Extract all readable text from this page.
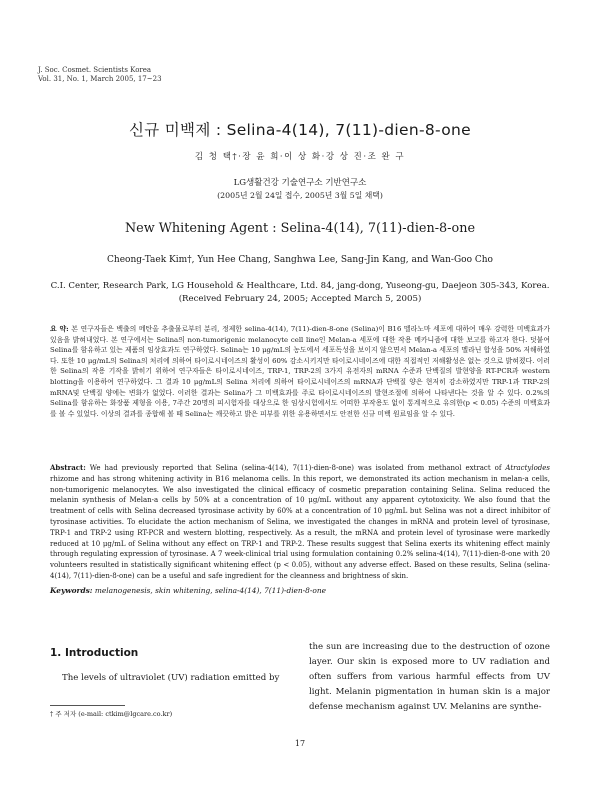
J. Soc. Cosmet. Scientists Korea
Vol. 31, No. 1, March 2005, 17~23
신규 미백제 : Selina-4(14), 7(11)-dien-8-one
김 청 택†·장 윤 희·이 상 화·강 상 진·조 완 구
LG생활건강 기술연구소 기반연구소
(2005년 2월 24일 접수, 2005년 3월 5일 채택)
New Whitening Agent : Selina-4(14), 7(11)-dien-8-one
Cheong-Taek Kim†, Yun Hee Chang, Sanghwa Lee, Sang-Jin Kang, and Wan-Goo Cho
C.I. Center, Research Park, LG Household & Healthcare, Ltd. 84, jang-dong, Yuseong-gu, Daejeon 305-343, Korea.
(Received February 24, 2005; Accepted March 5, 2005)
요 약: 본 연구자들은 백출의 메탄올 추출물로부터 분리, 정제한 selina-4(14), 7(11)-dien-8-one (Selina)이 B16 멜라노마 세포에 대하여 매우 강력한 미백효과가 있음을 밝혀내었다. 본 연구에서는 Selina의 non-tumorigenic melanocyte cell line인 Melan-a 세포에 대한 작용 메카니즘에 대한 보고를 하고자 한다. 덧붙여 Selina를 함유하고 있는 제품의 임상효과도 연구하였다. Selina는 10 μg/mL의 농도에서 세포독성을 보이지 않으면서 Melan-a 세포의 멜라닌 합성을 50% 저해하였다. 또한 10 μg/mL의 Selina의 처리에 의하여 타이로시네이즈의 활성이 60% 감소시키지만 타이로시네이즈에 대한 직접적인 저해활성은 없는 것으로 밝혀졌다. 이러한 Selina의 작용 기작을 밝히기 위하여 연구자들은 타이로시네이즈, TRP-1, TRP-2의 3가지 유전자의 mRNA 수준과 단백질의 발현양을 RT-PCR과 western blotting을 이용하여 연구하였다. 그 결과 10 μg/mL의 Selina 처리에 의하여 타이로시네이즈의 mRNA과 단백질 양은 현저히 감소하였지만 TRP-1과 TRP-2의 mRNA및 단백질 양에는 변화가 없었다. 이러한 결과는 Selina가 그 미백효과를 주로 타이로시네이즈의 발현조절에 의하여 나타낸다는 것을 알 수 있다. 0.2%의 Selina를 함유하는 화장품 제형을 이용, 7주간 20명의 피시험자를 대상으로 한 임상시험에서도 어떠한 부작용도 없이 통계적으로 유의한(p < 0.05) 수준의 미백효과를 볼 수 있었다. 이상의 결과를 종합해 볼 때 Selina는 깨끗하고 밝은 피부를 위한 유용하면서도 안전한 신규 미백 원료임을 알 수 있다.
Abstract: We had previously reported that Selina (selina-4(14), 7(11)-dien-8-one) was isolated from methanol extract of Atractylodes rhizome and has strong whitening activity in B16 melanoma cells. In this report, we demonstrated its action mechanism in melan-a cells, non-tumorigenic melanocytes. We also investigated the clinical efficacy of cosmetic preparation containing Selina. Selina reduced the melanin synthesis of Melan-a cells by 50% at a concentration of 10 μg/mL without any apparent cytotoxicity. We also found that the treatment of cells with Selina decreased tyrosinase activity by 60% at a concentration of 10 μg/mL but Selina was not a direct inhibitor of tyrosinase activities. To elucidate the action mechanism of Selina, we investigated the changes in mRNA and protein level of tyrosinase, TRP-1 and TRP-2 using RT-PCR and western blotting, respectively. As a result, the mRNA and protein level of tyrosinase were markedly reduced at 10 μg/mL of Selina without any effect on TRP-1 and TRP-2. These results suggest that Selina exerts its whitening effect mainly through regulating expression of tyrosinase. A 7 week-clinical trial using formulation containing 0.2% selina-4(14), 7(11)-dien-8-one with 20 volunteers resulted in statistically significant whitening effect (p < 0.05), without any adverse effect. Based on these results, Selina (selina-4(14), 7(11)-dien-8-one) can be a useful and safe ingredient for the cleanness and brightness of skin.
Keywords: melanogenesis, skin whitening, selina-4(14), 7(11)-dien-8-one
1. Introduction
The levels of ultraviolet (UV) radiation emitted by
the sun are increasing due to the destruction of ozone layer. Our skin is exposed more to UV radiation and often suffers from various harmful effects from UV light. Melanin pigmentation in human skin is a major defense mechanism against UV. Melanins are synthe-
† 주 저자 (e-mail: ctkim@lgcare.co.kr)
17
